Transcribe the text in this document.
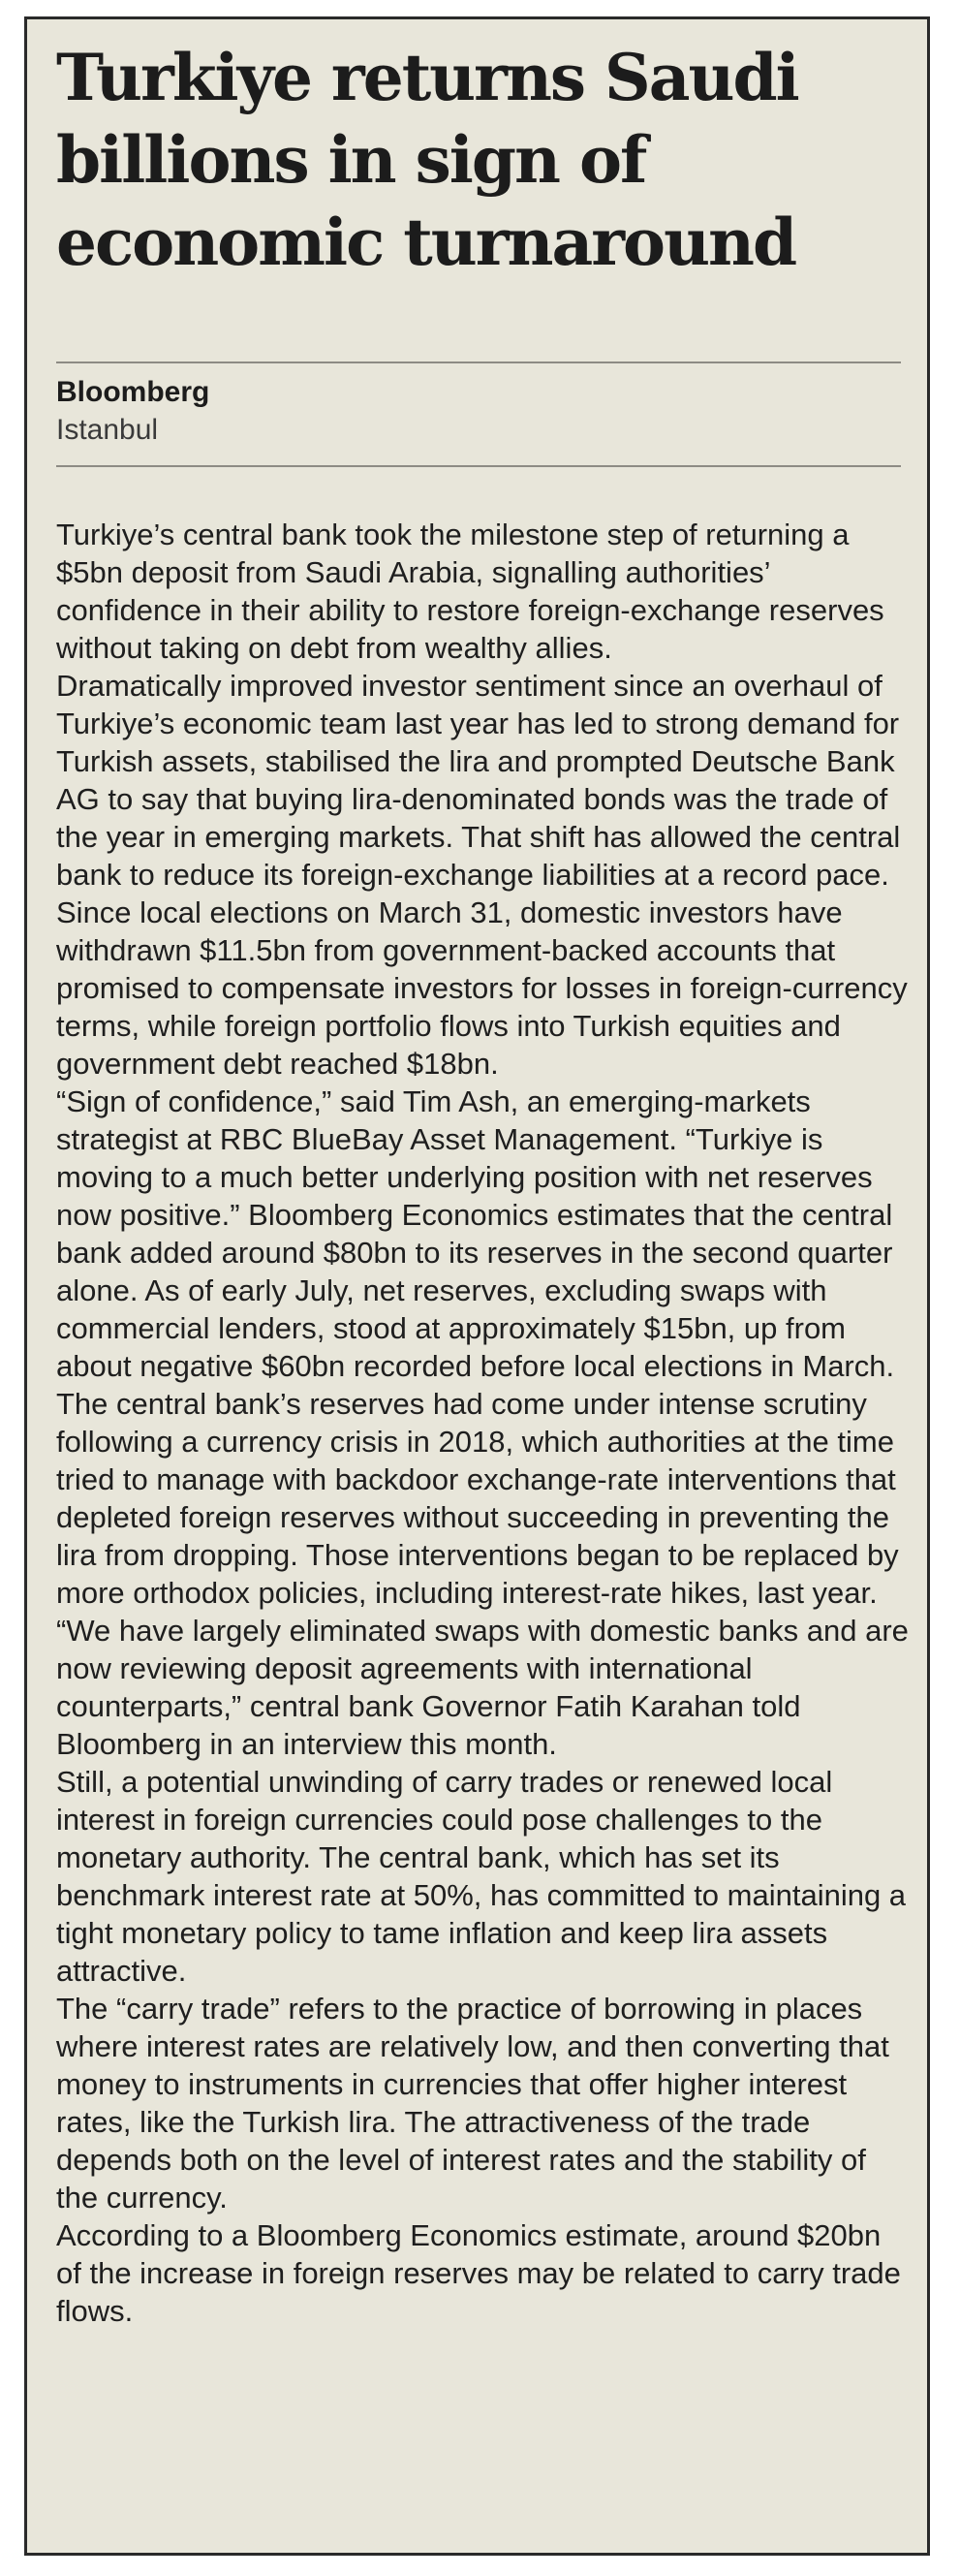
Turkiye returns Saudi billions in sign of economic turnaround
Bloomberg
Istanbul

Turkiye’s central bank took the milestone step of returning a $5bn deposit from Saudi Arabia, signalling authorities’ confidence in their ability to restore foreign-exchange reserves without taking on debt from wealthy allies.

Dramatically improved investor sentiment since an overhaul of Turkiye’s economic team last year has led to strong demand for Turkish assets, stabilised the lira and prompted Deutsche Bank AG to say that buying lira-denominated bonds was the trade of the year in emerging markets. That shift has allowed the central bank to reduce its foreign-exchange liabilities at a record pace.

Since local elections on March 31, domestic investors have withdrawn $11.5bn from government-backed accounts that promised to compensate investors for losses in foreign-currency terms, while foreign portfolio flows into Turkish equities and government debt reached $18bn.

“Sign of confidence,” said Tim Ash, an emerging-markets strategist at RBC BlueBay Asset Management. “Turkiye is moving to a much better underlying position with net reserves now positive.” Bloomberg Economics estimates that the central bank added around $80bn to its reserves in the second quarter alone. As of early July, net reserves, excluding swaps with commercial lenders, stood at approximately $15bn, up from about negative $60bn recorded before local elections in March.

The central bank’s reserves had come under intense scrutiny following a currency crisis in 2018, which authorities at the time tried to manage with backdoor exchange-rate interventions that depleted foreign reserves without succeeding in preventing the lira from dropping. Those interventions began to be replaced by more orthodox policies, including interest-rate hikes, last year.

“We have largely eliminated swaps with domestic banks and are now reviewing deposit agreements with international counterparts,” central bank Governor Fatih Karahan told Bloomberg in an interview this month.

Still, a potential unwinding of carry trades or renewed local interest in foreign currencies could pose challenges to the monetary authority. The central bank, which has set its benchmark interest rate at 50%, has committed to maintaining a tight monetary policy to tame inflation and keep lira assets attractive.

The “carry trade” refers to the practice of borrowing in places where interest rates are relatively low, and then converting that money to instruments in currencies that offer higher interest rates, like the Turkish lira. The attractiveness of the trade depends both on the level of interest rates and the stability of the currency.

According to a Bloomberg Economics estimate, around $20bn of the increase in foreign reserves may be related to carry trade flows.
